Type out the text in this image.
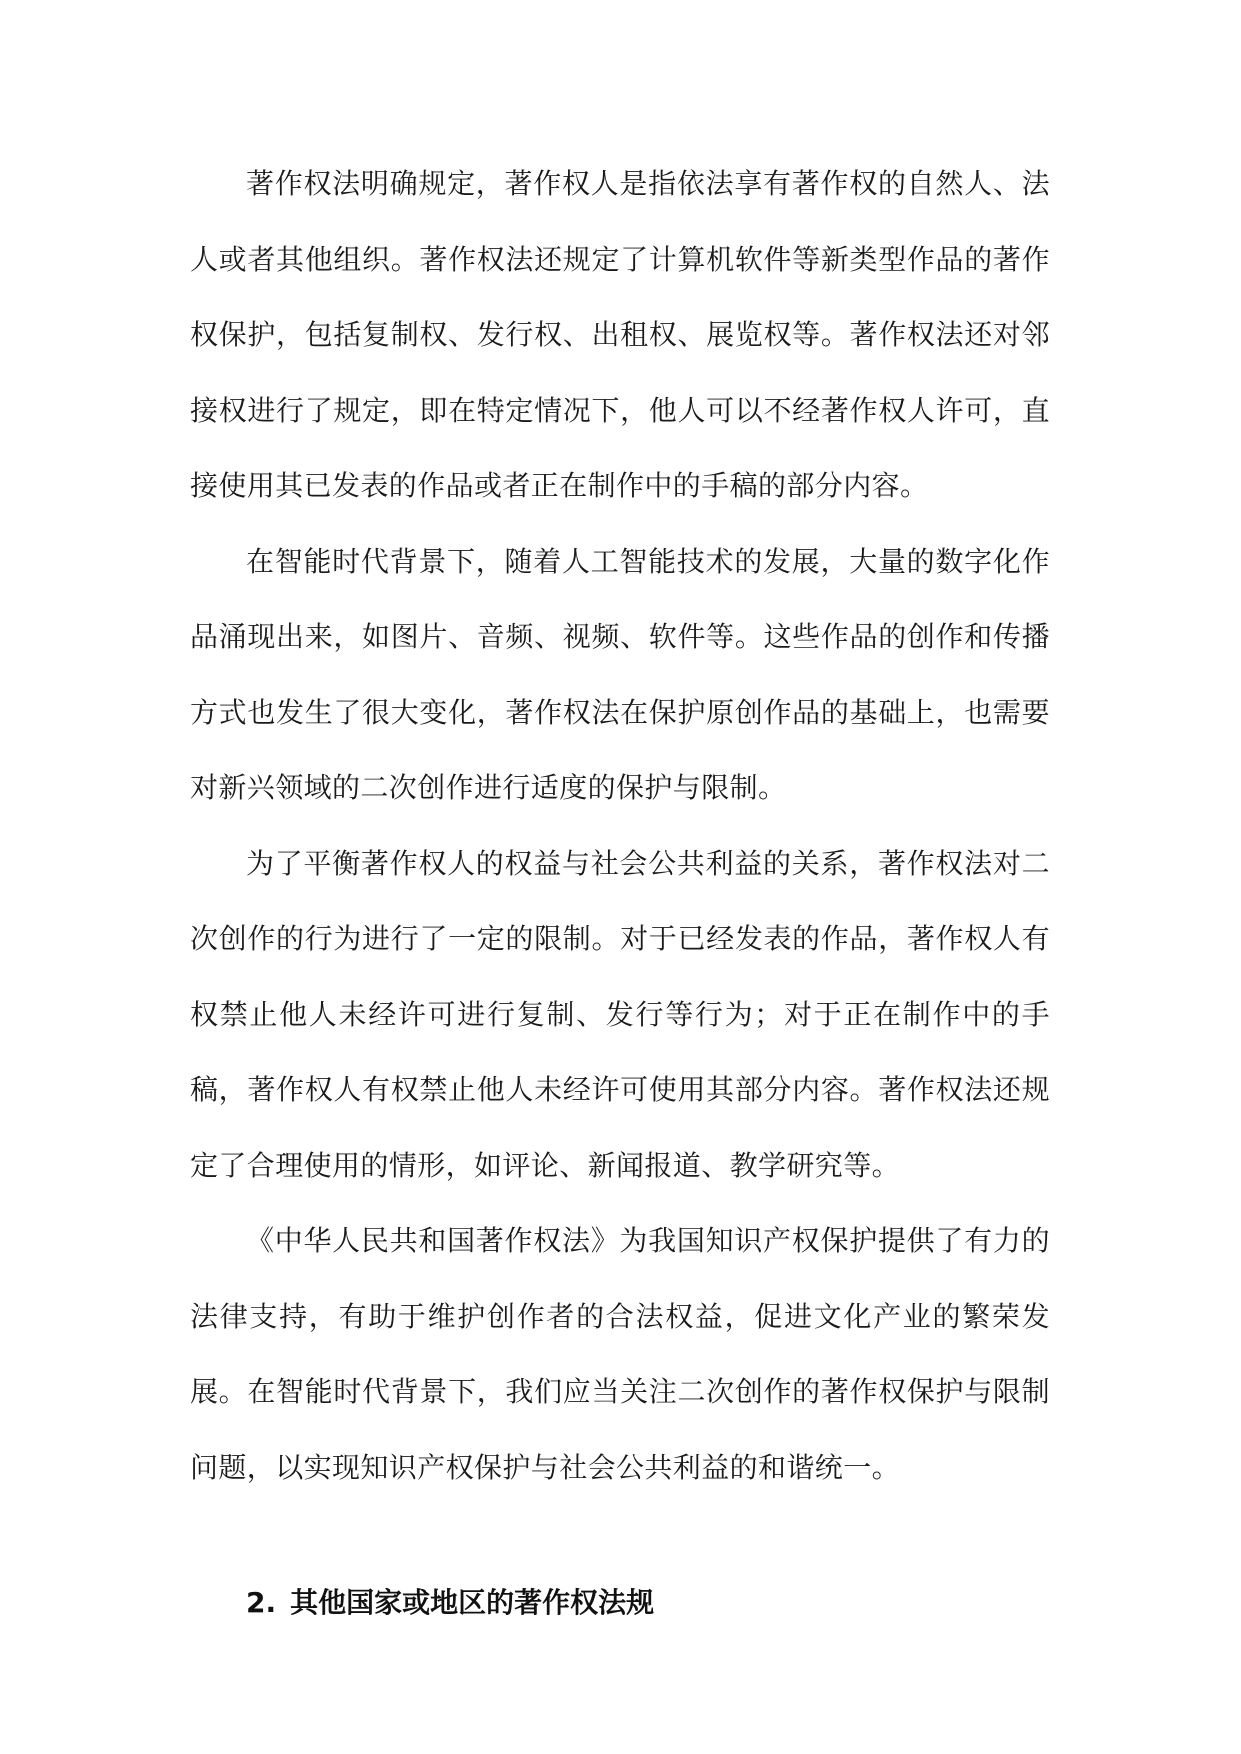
著作权法明确规定，著作权人是指依法享有著作权的自然人、法人或者其他组织。著作权法还规定了计算机软件等新类型作品的著作权保护，包括复制权、发行权、出租权、展览权等。著作权法还对邻接权进行了规定，即在特定情况下，他人可以不经著作权人许可，直接使用其已发表的作品或者正在制作中的手稿的部分内容。

在智能时代背景下，随着人工智能技术的发展，大量的数字化作品涌现出来，如图片、音频、视频、软件等。这些作品的创作和传播方式也发生了很大变化，著作权法在保护原创作品的基础上，也需要对新兴领域的二次创作进行适度的保护与限制。

为了平衡著作权人的权益与社会公共利益的关系，著作权法对二次创作的行为进行了一定的限制。对于已经发表的作品，著作权人有权禁止他人未经许可进行复制、发行等行为；对于正在制作中的手稿，著作权人有权禁止他人未经许可使用其部分内容。著作权法还规定了合理使用的情形，如评论、新闻报道、教学研究等。

《中华人民共和国著作权法》为我国知识产权保护提供了有力的法律支持，有助于维护创作者的合法权益，促进文化产业的繁荣发展。在智能时代背景下，我们应当关注二次创作的著作权保护与限制问题，以实现知识产权保护与社会公共利益的和谐统一。

2. 其他国家或地区的著作权法规
